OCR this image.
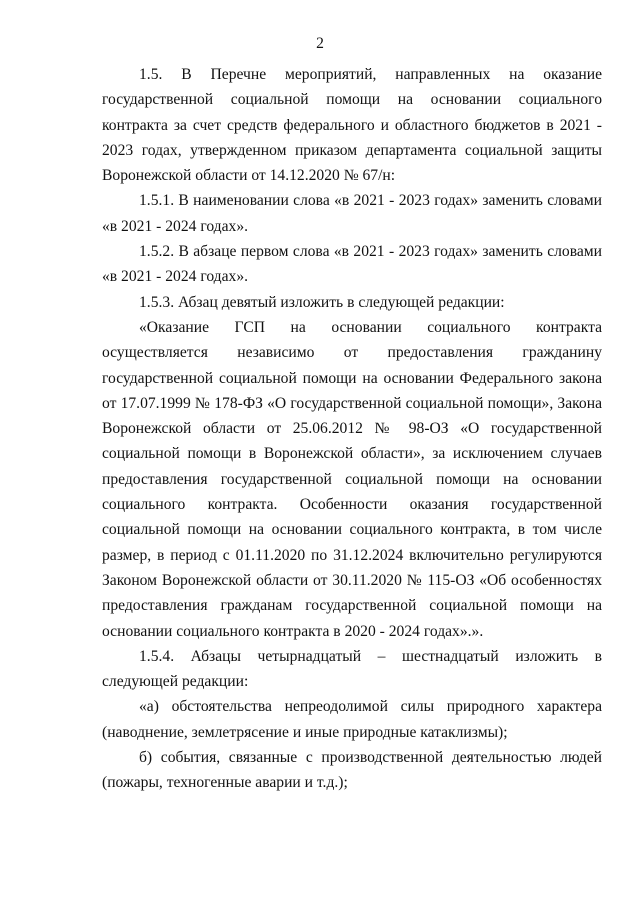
2

1.5. В Перечне мероприятий, направленных на оказание государственной социальной помощи на основании социального контракта за счет средств федерального и областного бюджетов в 2021 - 2023 годах, утвержденном приказом департамента социальной защиты Воронежской области от 14.12.2020 № 67/н:

1.5.1. В наименовании слова «в 2021 - 2023 годах» заменить словами «в 2021 - 2024 годах».

1.5.2. В абзаце первом слова «в 2021 - 2023 годах» заменить словами «в 2021 - 2024 годах».

1.5.3. Абзац девятый изложить в следующей редакции:

«Оказание ГСП на основании социального контракта осуществляется независимо от предоставления гражданину государственной социальной помощи на основании Федерального закона от 17.07.1999 № 178-ФЗ «О государственной социальной помощи», Закона Воронежской области от 25.06.2012 № 98-ОЗ «О государственной социальной помощи в Воронежской области», за исключением случаев предоставления государственной социальной помощи на основании социального контракта. Особенности оказания государственной социальной помощи на основании социального контракта, в том числе размер, в период с 01.11.2020 по 31.12.2024 включительно регулируются Законом Воронежской области от 30.11.2020 № 115-ОЗ «Об особенностях предоставления гражданам государственной социальной помощи на основании социального контракта в 2020 - 2024 годах».».

1.5.4. Абзацы четырнадцатый – шестнадцатый изложить в следующей редакции:

«а) обстоятельства непреодолимой силы природного характера (наводнение, землетрясение и иные природные катаклизмы);

б) события, связанные с производственной деятельностью людей (пожары, техногенные аварии и т.д.);
